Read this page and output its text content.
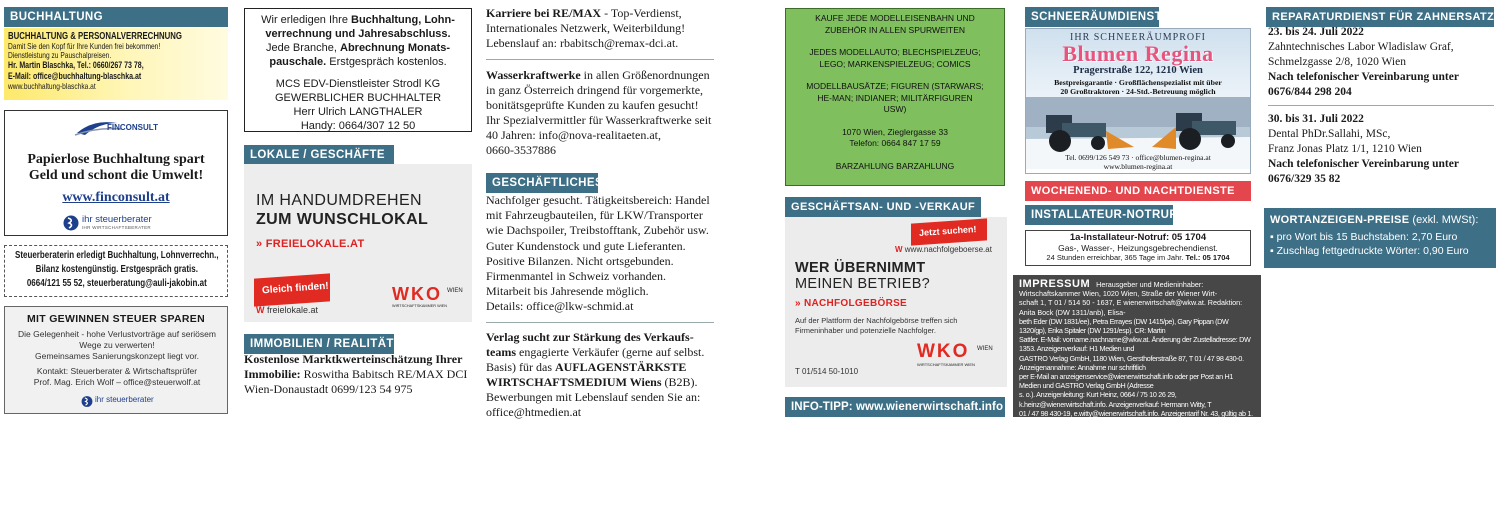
BUCHHALTUNG

BUCHHALTUNG & PERSONALVERRECHNUNG

Damit Sie den Kopf für Ihre Kunden frei bekommen!

Dienstleistung zu Pauschalpreisen.

Hr. Martin Blaschka, Tel.: 0660/267 73 78,

E-Mail: office@buchhaltung-blaschka.at

www.buchhaltung-blaschka.at

FINCONSULT

Papierlose Buchhaltung spart

Geld und schont die Umwelt!

www.finconsult.at

ihr steuerberater
IHR WIRTSCHAFTSBERATER

Steuerberaterin erledigt Buchhaltung, Lohnverrechn.,

Bilanz kostengünstig. Erstgespräch gratis.

0664/121 55 52, steuerberatung@auli-jakobin.at

MIT GEWINNEN STEUER SPAREN

Die Gelegenheit - hohe Verlustvorträge auf seriösem

Wege zu verwerten!

Gemeinsames Sanierungskonzept liegt vor.

Kontakt: Steuerberater & Wirtschaftsprüfer

Prof. Mag. Erich Wolf – office@steuerwolf.at

ihr steuerberater

Wir erledigen Ihre Buchhaltung, Lohn-

verrechnung und Jahresabschluss.

Jede Branche, Abrechnung Monats-

pauschale. Erstgespräch kostenlos.

MCS EDV-Dienstleister Strodl KG

GEWERBLICHER BUCHHALTER

Herr Ulrich LANGTHALER

Handy: 0664/307 12 50

LOKALE / GESCHÄFTE

IM HANDUMDREHEN

ZUM WUNSCHLOKAL

» FREIELOKALE.AT

Gleich finden!	WKO WIEN
WIRTSCHAFTSKAMMER WIEN

W freielokale.at

IMMOBILIEN / REALITÄTEN

Kostenlose Marktkwerteinschätzung Ihrer Immobilie: Roswitha Babitsch RE/MAX DCI

Wien-Donaustadt 0699/123 54 975

Karriere bei RE/MAX - Top-Verdienst,

Internationales Netzwerk, Weiterbildung!

Lebenslauf an: rbabitsch@remax-dci.at.

Wasserkraftwerke in allen Größenordnungen

in ganz Österreich dringend für vorgemerkte,

bonitätsgeprüfte Kunden zu kaufen gesucht!

Ihr Spezialvermittler für Wasserkraftwerke seit

40 Jahren: info@nova-realitaeten.at,

0660-3537886

GESCHÄFTLICHES

Nachfolger gesucht. Tätigkeitsbereich: Handel

mit Fahrzeugbauteilen, für LKW/Transporter

wie Dachspoiler, Treibstofftank, Zubehör usw.

Guter Kundenstock und gute Lieferanten.

Positive Bilanzen. Nicht ortsgebunden.

Firmenmantel in Schweiz vorhanden.

Mitarbeit bis Jahresende möglich.

Details: office@lkw-schmid.at

Verlag sucht zur Stärkung des Verkaufs-

teams engagierte Verkäufer (gerne auf selbst.

Basis) für das AUFLAGENSTÄRKSTE

WIRTSCHAFTSMEDIUM Wiens (B2B).

Bewerbungen mit Lebenslauf senden Sie an:

office@htmedien.at

KAUFE JEDE MODELLEISENBAHN UND

ZUBEHÖR IN ALLEN SPURWEITEN

JEDES MODELLAUTO; BLECHSPIELZEUG;

LEGO; MARKENSPIELZEUG; COMICS

MODELLBAUSÄTZE; FIGUREN (STARWARS;

HE-MAN; INDIANER; MILITÄRFIGUREN

USW)

1070 Wien, Zieglergasse 33

Telefon: 0664 847 17 59

BARZAHLUNG BARZAHLUNG

GESCHÄFTSAN- UND -VERKAUF

Jetzt suchen!

W www.nachfolgeboerse.at

WER ÜBERNIMMT

MEINEN BETRIEB?

» NACHFOLGEBÖRSE

Auf der Plattform der Nachfolgebörse treffen sich

Firmeninhaber und potenzielle Nachfolger.

WKO WIEN
WIRTSCHAFTSKAMMER WIEN

T 01/514 50-1010

INFO-TIPP: www.wienerwirtschaft.info
SCHNEERÄUMDIENST

IHR SCHNEERÄUMPROFI

Blumen Regina

Pragerstraße 122, 1210 Wien

Bestpreisgarantie · Großflächenspezialist mit über

20 Großtraktoren · 24-Std.-Betreuung möglich

Tel. 0699/126 549 73 · office@blumen-regina.at

www.blumen-regina.at

WOCHENEND- UND NACHTDIENSTE
INSTALLATEUR-NOTRUF

1a-Installateur-Notruf: 05 1704

Gas-, Wasser-, Heizungsgebrechendienst.

24 Stunden erreichbar, 365 Tage im Jahr. Tel.: 05 1704

IMPRESSUM Herausgeber und Medieninhaber: Wirtschaftskammer Wien, 1020 Wien, Straße der Wiener Wirt-
schaft 1, T 01 / 514 50 - 1637, E wienerwirtschaft@wkw.at. Redaktion: Anita Bock (DW 1311/anb), Elisa-
beth Eder (DW 1831/ee), Petra Errayes (DW 1415/pe), Gary Pippan (DW 1320/gp), Erika Spitaler (DW 1291/esp). CR: Martin
Sattler. E-Mail: vorname.nachname@wkw.at. Änderung der Zustelladresse: DW 1353. Anzeigenverkauf: H1 Medien und
GASTRO Verlag GmbH, 1180 Wien, Gersthoferstraße 87, T 01 / 47 98 430-0. Anzeigenannahme: Annahme nur schriftlich
per E-Mail an anzeigenservice@wienerwirtschaft.info oder per Post an H1 Medien und GASTRO Verlag GmbH (Adresse
s. o.). Anzeigenleitung: Kurt Heinz, 0664 / 75 10 26 29, k.heinz@wienerwirtschaft.info. Anzeigenverkauf: Hermann Witty, T
01 / 47 98 430-19, e.witty@wienerwirtschaft.info. Anzeigentarif Nr. 43, gültig ab 1. 1. 2022. Hersteller: Herold Druck und
Verlag AG, 1030 Wien, Faradaygasse 6. Jahresbezugspreis: € 54,–. Für Mitglieder der Wirtschaftskammer Wien kosten-
los. Nachdruck oder Verwendung in Online-Medien nur bei voller Quellenangabe gestattet. Grundlegende Richtung:
Wahrnehmung der gemeinsamen Interessen aller Mitglieder der Wirtschaftskammer Wien. Offenlegung der Eigentums-
verhältnisse nach dem Mediengesetz: Wirtschaftskammer Wien, 1020 Wien, Straße der Wiener Wirtschaft 1. Siehe auch:
wko.at/wien/offenlegung. Verbreitete Auflage laut ÖAK: 111.284 (2. Hj. 2021). Alle geschlechtsspezifischen Formulierungen
meinen die weibliche und männliche Form.
REPARATURDIENST FÜR ZAHNERSATZ

23. bis 24. Juli 2022

Zahntechnisches Labor Wladislaw Graf,

Schmelzgasse 2/8, 1020 Wien

Nach telefonischer Vereinbarung unter

0676/844 298 204

30. bis 31. Juli 2022

Dental PhDr.Sallahi, MSc,

Franz Jonas Platz 1/1, 1210 Wien

Nach telefonischer Vereinbarung unter

0676/329 35 82

WORTANZEIGEN-PREISE (exkl. MWSt):

▪ pro Wort bis 15 Buchstaben: 2,70 Euro

▪ Zuschlag fettgedruckte Wörter: 0,90 Euro
